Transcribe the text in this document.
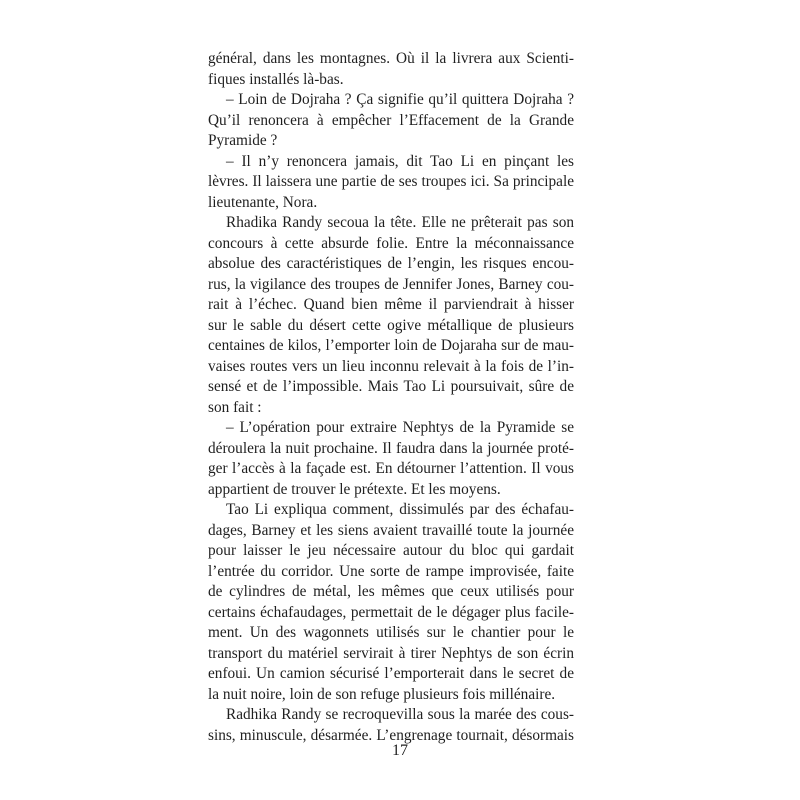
général, dans les montagnes. Où il la livrera aux Scienti-
fiques installés là-bas.
– Loin de Dojraha ? Ça signifie qu’il quittera Dojraha ?
Qu’il renoncera à empêcher l’Effacement de la Grande
Pyramide ?
– Il n’y renoncera jamais, dit Tao Li en pinçant les
lèvres. Il laissera une partie de ses troupes ici. Sa principale
lieutenante, Nora.
Rhadika Randy secoua la tête. Elle ne prêterait pas son
concours à cette absurde folie. Entre la méconnaissance
absolue des caractéristiques de l’engin, les risques encou-
rus, la vigilance des troupes de Jennifer Jones, Barney cou-
rait à l’échec. Quand bien même il parviendrait à hisser
sur le sable du désert cette ogive métallique de plusieurs
centaines de kilos, l’emporter loin de Dojaraha sur de mau-
vaises routes vers un lieu inconnu relevait à la fois de l’in-
sensé et de l’impossible. Mais Tao Li poursuivait, sûre de
son fait :
– L’opération pour extraire Nephtys de la Pyramide se
déroulera la nuit prochaine. Il faudra dans la journée proté-
ger l’accès à la façade est. En détourner l’attention. Il vous
appartient de trouver le prétexte. Et les moyens.
Tao Li expliqua comment, dissimulés par des échafau-
dages, Barney et les siens avaient travaillé toute la journée
pour laisser le jeu nécessaire autour du bloc qui gardait
l’entrée du corridor. Une sorte de rampe improvisée, faite
de cylindres de métal, les mêmes que ceux utilisés pour
certains échafaudages, permettait de le dégager plus facile-
ment. Un des wagonnets utilisés sur le chantier pour le
transport du matériel servirait à tirer Nephtys de son écrin
enfoui. Un camion sécurisé l’emporterait dans le secret de
la nuit noire, loin de son refuge plusieurs fois millénaire.
Radhika Randy se recroquevilla sous la marée des cous-
sins, minuscule, désarmée. L’engrenage tournait, désormais
17
